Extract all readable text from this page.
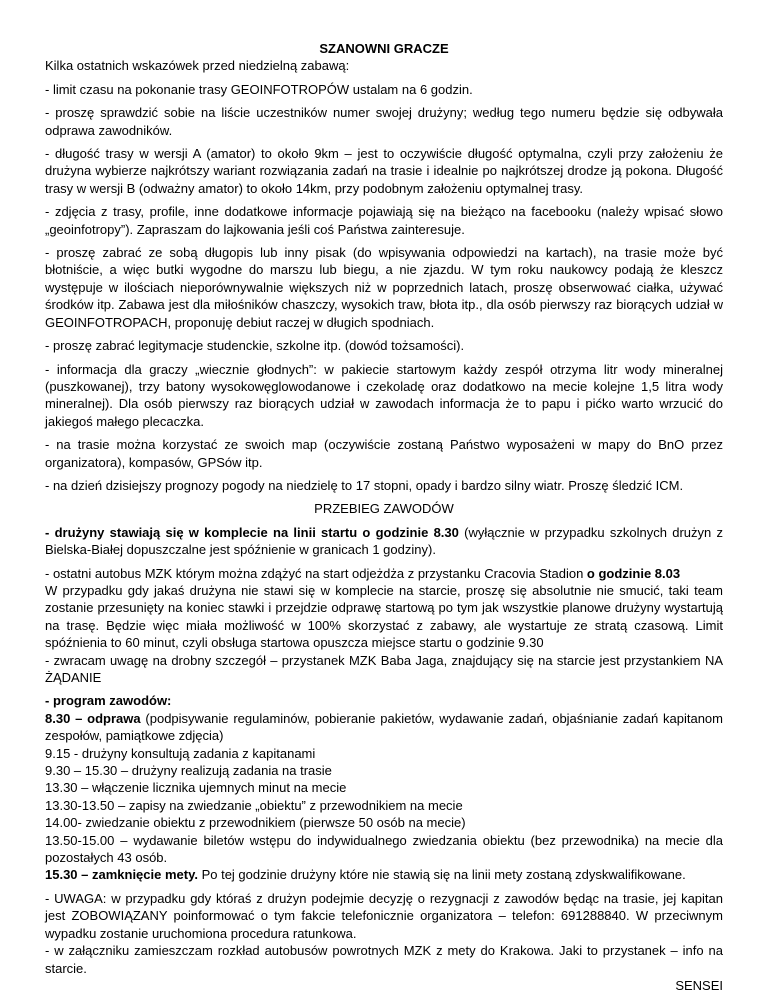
SZANOWNI GRACZE

Kilka ostatnich wskazówek przed niedzielną zabawą:

- limit czasu na pokonanie trasy GEOINFOTROPÓW ustalam na 6 godzin.

- proszę sprawdzić sobie na liście uczestników numer swojej drużyny; według tego numeru będzie się odbywała odprawa zawodników.

- długość trasy w wersji A (amator) to około 9km – jest to oczywiście długość optymalna, czyli przy założeniu że drużyna wybierze najkrótszy wariant rozwiązania zadań na trasie i idealnie po najkrótszej drodze ją pokona. Długość trasy w wersji B (odważny amator) to około 14km, przy podobnym założeniu optymalnej trasy.

- zdjęcia z trasy, profile, inne dodatkowe informacje pojawiają się na bieżąco na facebooku (należy wpisać słowo „geoinfotropy”). Zapraszam do lajkowania jeśli coś Państwa zainteresuje.

- proszę zabrać ze sobą długopis lub inny pisak (do wpisywania odpowiedzi na kartach), na trasie może być błotniście, a więc butki wygodne do marszu lub biegu, a nie zjazdu. W tym roku naukowcy podają że kleszcz występuje w ilościach nieporównywalnie większych niż w poprzednich latach, proszę obserwować ciałka, używać środków itp. Zabawa jest dla miłośników chaszczy, wysokich traw, błota itp., dla osób pierwszy raz biorących udział w GEOINFOTROPACH, proponuję debiut raczej w długich spodniach.

- proszę zabrać legitymacje studenckie, szkolne itp. (dowód tożsamości).

- informacja dla graczy „wiecznie głodnych”: w pakiecie startowym każdy zespół otrzyma litr wody mineralnej (puszkowanej), trzy batony wysokowęglowodanowe i czekoladę oraz dodatkowo na mecie kolejne 1,5 litra wody mineralnej). Dla osób pierwszy raz biorących udział w zawodach informacja że to papu i pićko warto wrzucić do jakiegoś małego plecaczka.

- na trasie można korzystać ze swoich map (oczywiście zostaną Państwo wyposażeni w mapy do BnO przez organizatora), kompasów, GPSów itp.

- na dzień dzisiejszy prognozy pogody na niedzielę to 17 stopni, opady i bardzo silny wiatr. Proszę śledzić ICM.

PRZEBIEG ZAWODÓW

- drużyny stawiają się w komplecie na linii startu o godzinie 8.30 (wyłącznie w przypadku szkolnych drużyn z Bielska-Białej dopuszczalne jest spóźnienie w granicach 1 godziny).

- ostatni autobus MZK którym można zdążyć na start odjeżdża z przystanku Cracovia Stadion o godzinie 8.03
W przypadku gdy jakaś drużyna nie stawi się w komplecie na starcie, proszę się absolutnie nie smucić, taki team zostanie przesunięty na koniec stawki i przejdzie odprawę startową po tym jak wszystkie planowe drużyny wystartują na trasę. Będzie więc miała możliwość w 100% skorzystać z zabawy, ale wystartuje ze stratą czasową. Limit spóźnienia to 60 minut, czyli obsługa startowa opuszcza miejsce startu o godzinie 9.30
- zwracam uwagę na drobny szczegół – przystanek MZK Baba Jaga, znajdujący się na starcie jest przystankiem NA ŻĄDANIE

- program zawodów:
8.30 – odprawa (podpisywanie regulaminów, pobieranie pakietów, wydawanie zadań, objaśnianie zadań kapitanom zespołów, pamiątkowe zdjęcia)
9.15 - drużyny konsultują zadania z kapitanami
9.30 – 15.30 – drużyny realizują zadania na trasie
13.30 – włączenie licznika ujemnych minut na mecie
13.30-13.50 – zapisy na zwiedzanie „obiektu” z przewodnikiem na mecie
14.00- zwiedzanie obiektu z przewodnikiem (pierwsze 50 osób na mecie)
13.50-15.00 – wydawanie biletów wstępu do indywidualnego zwiedzania obiektu (bez przewodnika) na mecie dla pozostałych 43 osób.
15.30 – zamknięcie mety. Po tej godzinie drużyny które nie stawią się na linii mety zostaną zdyskwalifikowane.

- UWAGA: w przypadku gdy któraś z drużyn podejmie decyzję o rezygnacji z zawodów będąc na trasie, jej kapitan jest ZOBOWIĄZANY poinformować o tym fakcie telefonicznie organizatora – telefon: 691288840. W przeciwnym wypadku zostanie uruchomiona procedura ratunkowa.

- w załączniku zamieszczam rozkład autobusów powrotnych MZK z mety do Krakowa. Jaki to przystanek – info na starcie.

SENSEI
